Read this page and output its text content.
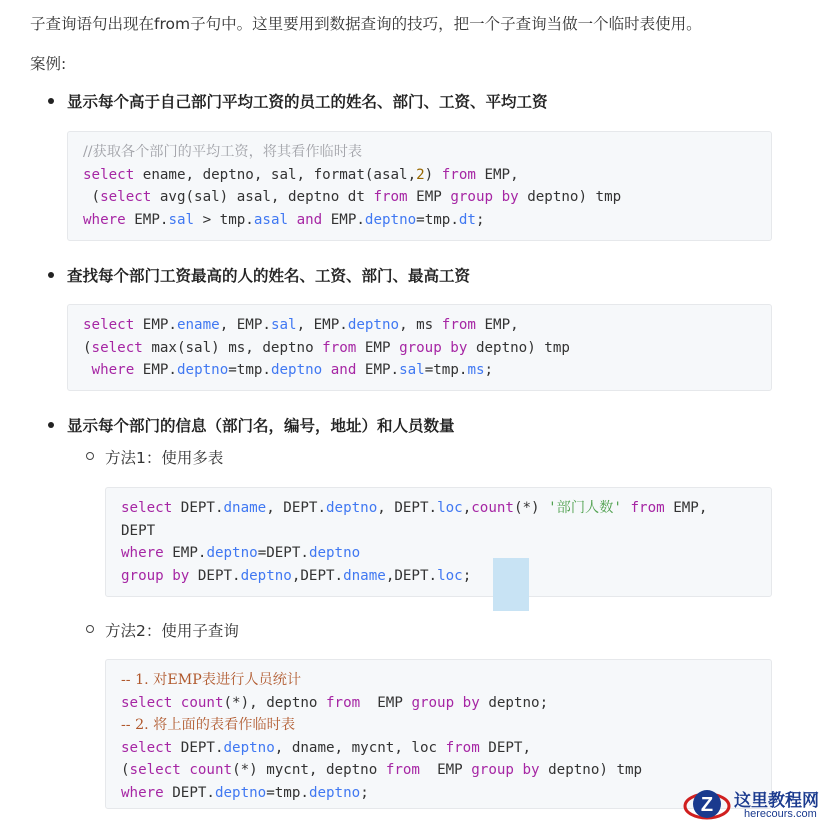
子查询语句出现在from子句中。这里要用到数据查询的技巧，把一个子查询当做一个临时表使用。
案例:
显示每个高于自己部门平均工资的员工的姓名、部门、工资、平均工资
//获取各个部门的平均工资，将其看作临时表
select ename, deptno, sal, format(asal,2) from EMP,
(select avg(sal) asal, deptno dt from EMP group by deptno) tmp
where EMP.sal > tmp.asal and EMP.deptno=tmp.dt;
查找每个部门工资最高的人的姓名、工资、部门、最高工资
select EMP.ename, EMP.sal, EMP.deptno, ms from EMP,
(select max(sal) ms, deptno from EMP group by deptno) tmp
where EMP.deptno=tmp.deptno and EMP.sal=tmp.ms;
显示每个部门的信息（部门名，编号，地址）和人员数量
方法1：使用多表
select DEPT.dname, DEPT.deptno, DEPT.loc,count(*) '部门人数' from EMP,
DEPT
where EMP.deptno=DEPT.deptno
group by DEPT.deptno,DEPT.dname,DEPT.loc;
方法2：使用子查询
-- 1. 对EMP表进行人员统计
select count(*), deptno from  EMP group by deptno;
-- 2. 将上面的表看作临时表
select DEPT.deptno, dname, mycnt, loc from DEPT,
(select count(*) mycnt, deptno from  EMP group by deptno) tmp
where DEPT.deptno=tmp.deptno;
Z 这里教程网
herecours.com
